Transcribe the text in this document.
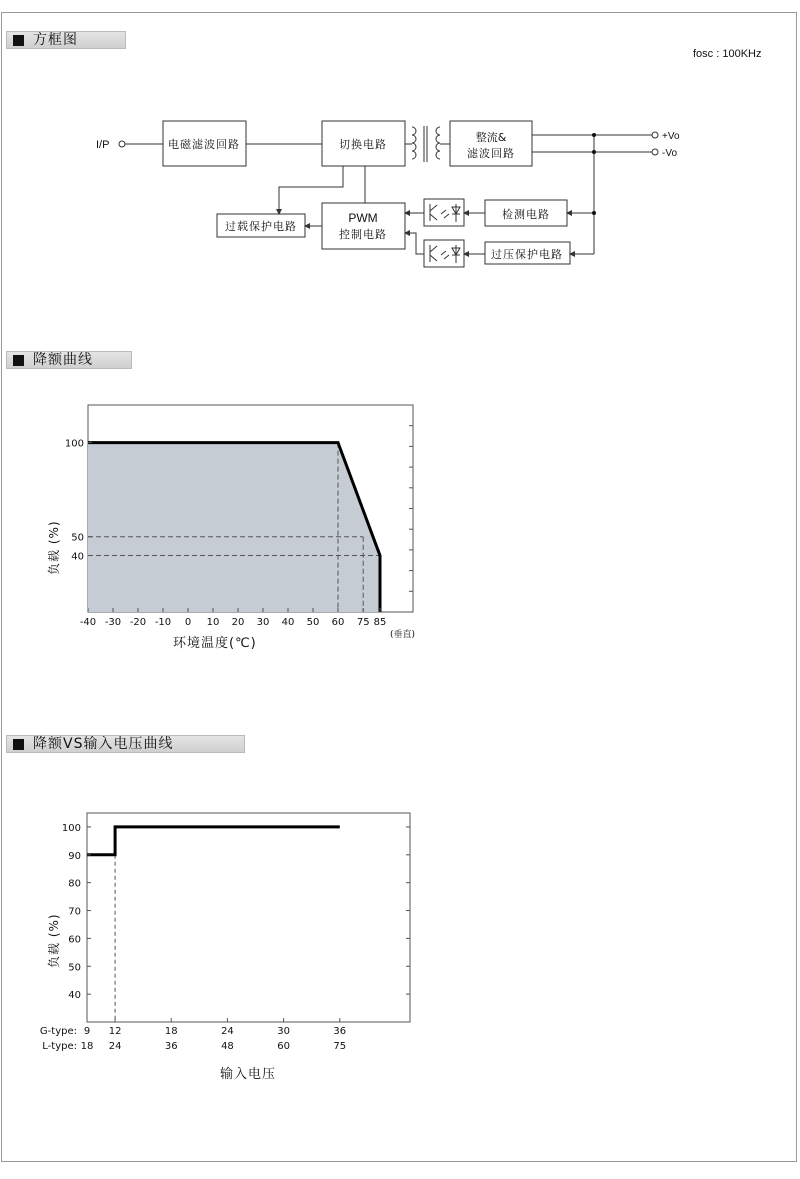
方框图
fosc : 100KHz
降额曲线
降额VS输入电压曲线
I/P	电磁滤波回路	切换电路
整流&
滤波回路
过载保护电路
PWM
控制电路
检测电路
过压保护电路
+Vo
-Vo
-40 -30 -20 -10 0 10 20 30 40 50 60 75 85
100
50
40
环境温度(℃)
(垂直)
负载 (%)
100
90
80
70
60
50
40
9
18
12
24
18
36
24
48
30
60
36
75
G-type:
L-type:
输入电压
负载 (%)
